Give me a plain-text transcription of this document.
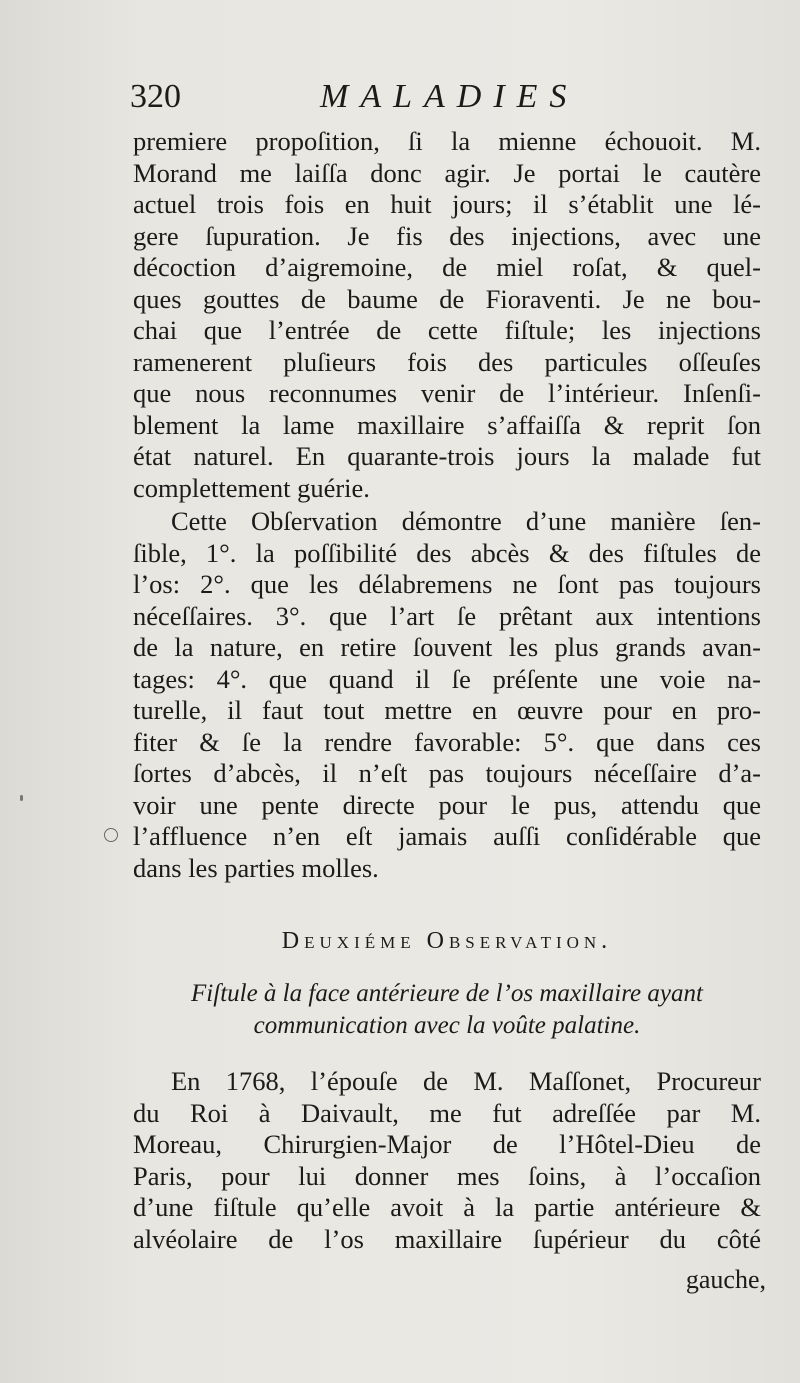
320	MALADIES
premiere propoſition, ſi la mienne échouoit. M.
Morand me laiſſa donc agir. Je portai le cautère
actuel trois fois en huit jours; il s’établit une lé-
gere ſupuration. Je fis des injections, avec une
décoction d’aigremoine, de miel roſat, & quel-
ques gouttes de baume de Fioraventi. Je ne bou-
chai que l’entrée de cette fiſtule; les injections
ramenerent pluſieurs fois des particules oſſeuſes
que nous reconnumes venir de l’intérieur. Inſenſi-
blement la lame maxillaire s’affaiſſa & reprit ſon
état naturel. En quarante-trois jours la malade fut
complettement guérie.
Cette Obſervation démontre d’une manière ſen-
ſible, 1°. la poſſibilité des abcès & des fiſtules de
l’os: 2°. que les délabremens ne ſont pas toujours
néceſſaires. 3°. que l’art ſe prêtant aux intentions
de la nature, en retire ſouvent les plus grands avan-
tages: 4°. que quand il ſe préſente une voie na-
turelle, il faut tout mettre en œuvre pour en pro-
fiter & ſe la rendre favorable: 5°. que dans ces
ſortes d’abcès, il n’eſt pas toujours néceſſaire d’a-
voir une pente directe pour le pus, attendu que
l’affluence n’en eſt jamais auſſi conſidérable que
dans les parties molles.
Deuxiéme Observation.
Fiſtule à la face antérieure de l’os maxillaire ayant
communication avec la voûte palatine.
En 1768, l’épouſe de M. Maſſonet, Procureur
du Roi à Daivault, me fut adreſſée par M.
Moreau, Chirurgien-Major de l’Hôtel-Dieu de
Paris, pour lui donner mes ſoins, à l’occaſion
d’une fiſtule qu’elle avoit à la partie antérieure &
alvéolaire de l’os maxillaire ſupérieur du côté
gauche,
